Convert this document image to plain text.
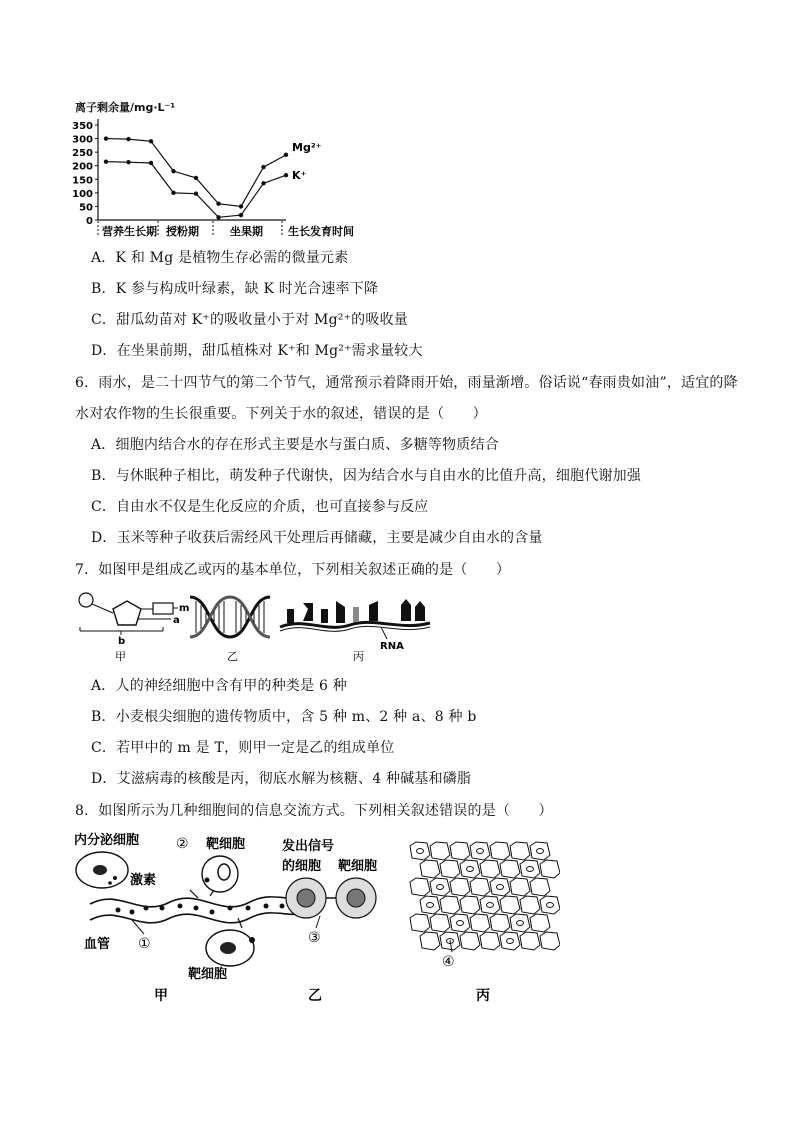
离子剩余量/mg·L⁻¹
0
50
100
150
200
250
300
350
Mg²⁺
K⁺
营养生长期 授粉期	坐果期 生长发育时间
A．K 和 Mg 是植物生存必需的微量元素
B．K 参与构成叶绿素，缺 K 时光合速率下降
C．甜瓜幼苗对 K⁺的吸收量小于对 Mg²⁺的吸收量
D．在坐果前期，甜瓜植株对 K⁺和 Mg²⁺需求量较大
6．雨水，是二十四节气的第二个节气，通常预示着降雨开始，雨量渐增。俗话说“春雨贵如油”，适宜的降
水对农作物的生长很重要。下列关于水的叙述，错误的是（　　）
A．细胞内结合水的存在形式主要是水与蛋白质、多糖等物质结合
B．与休眠种子相比，萌发种子代谢快，因为结合水与自由水的比值升高，细胞代谢加强
C．自由水不仅是生化反应的介质，也可直接参与反应
D．玉米等种子收获后需经风干处理后再储藏，主要是减少自由水的含量
7．如图甲是组成乙或丙的基本单位，下列相关叙述正确的是（　　）
m
a
b
甲	乙
RNA
丙
A．人的神经细胞中含有甲的种类是 6 种
B．小麦根尖细胞的遗传物质中，含 5 种 m、2 种 a、8 种 b
C．若甲中的 m 是 T，则甲一定是乙的组成单位
D．艾滋病毒的核酸是丙，彻底水解为核糖、4 种碱基和磷脂
8．如图所示为几种细胞间的信息交流方式。下列相关叙述错误的是（　　）
内分泌细胞	② 靶细胞
激素
血管 ①
靶细胞
甲
发出信号
的细胞 靶细胞
③
乙
④
丙
